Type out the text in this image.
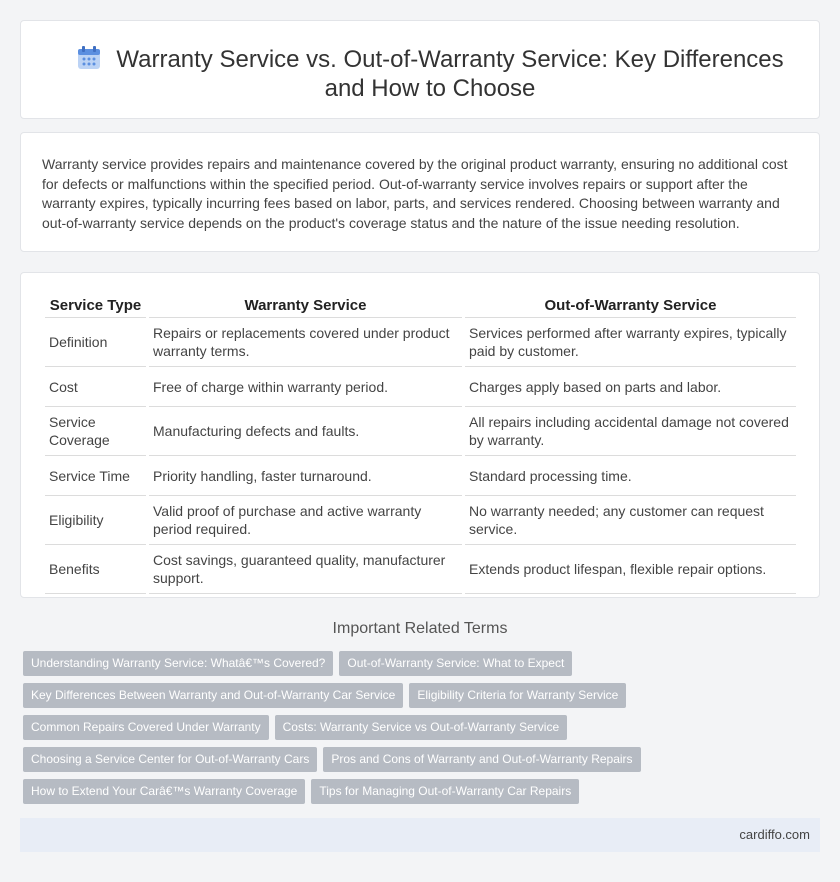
Warranty Service vs. Out-of-Warranty Service: Key Differences and How to Choose

Warranty service provides repairs and maintenance covered by the original product warranty, ensuring no additional cost for defects or malfunctions within the specified period. Out-of-warranty service involves repairs or support after the warranty expires, typically incurring fees based on labor, parts, and services rendered. Choosing between warranty and out-of-warranty service depends on the product's coverage status and the nature of the issue needing resolution.

Service Type	Warranty Service	Out-of-Warranty Service
Definition	Repairs or replacements covered under product warranty terms.	Services performed after warranty expires, typically paid by customer.
Cost	Free of charge within warranty period.	Charges apply based on parts and labor.
Service Coverage	Manufacturing defects and faults.	All repairs including accidental damage not covered by warranty.
Service Time	Priority handling, faster turnaround.	Standard processing time.
Eligibility	Valid proof of purchase and active warranty period required.	No warranty needed; any customer can request service.
Benefits	Cost savings, guaranteed quality, manufacturer support.	Extends product lifespan, flexible repair options.
Important Related Terms
Understanding Warranty Service: Whatâ€™s Covered? Out-of-Warranty Service: What to Expect
Key Differences Between Warranty and Out-of-Warranty Car Service Eligibility Criteria for Warranty Service
Common Repairs Covered Under Warranty Costs: Warranty Service vs Out-of-Warranty Service
Choosing a Service Center for Out-of-Warranty Cars Pros and Cons of Warranty and Out-of-Warranty Repairs
How to Extend Your Carâ€™s Warranty Coverage Tips for Managing Out-of-Warranty Car Repairs
cardiffo.com
